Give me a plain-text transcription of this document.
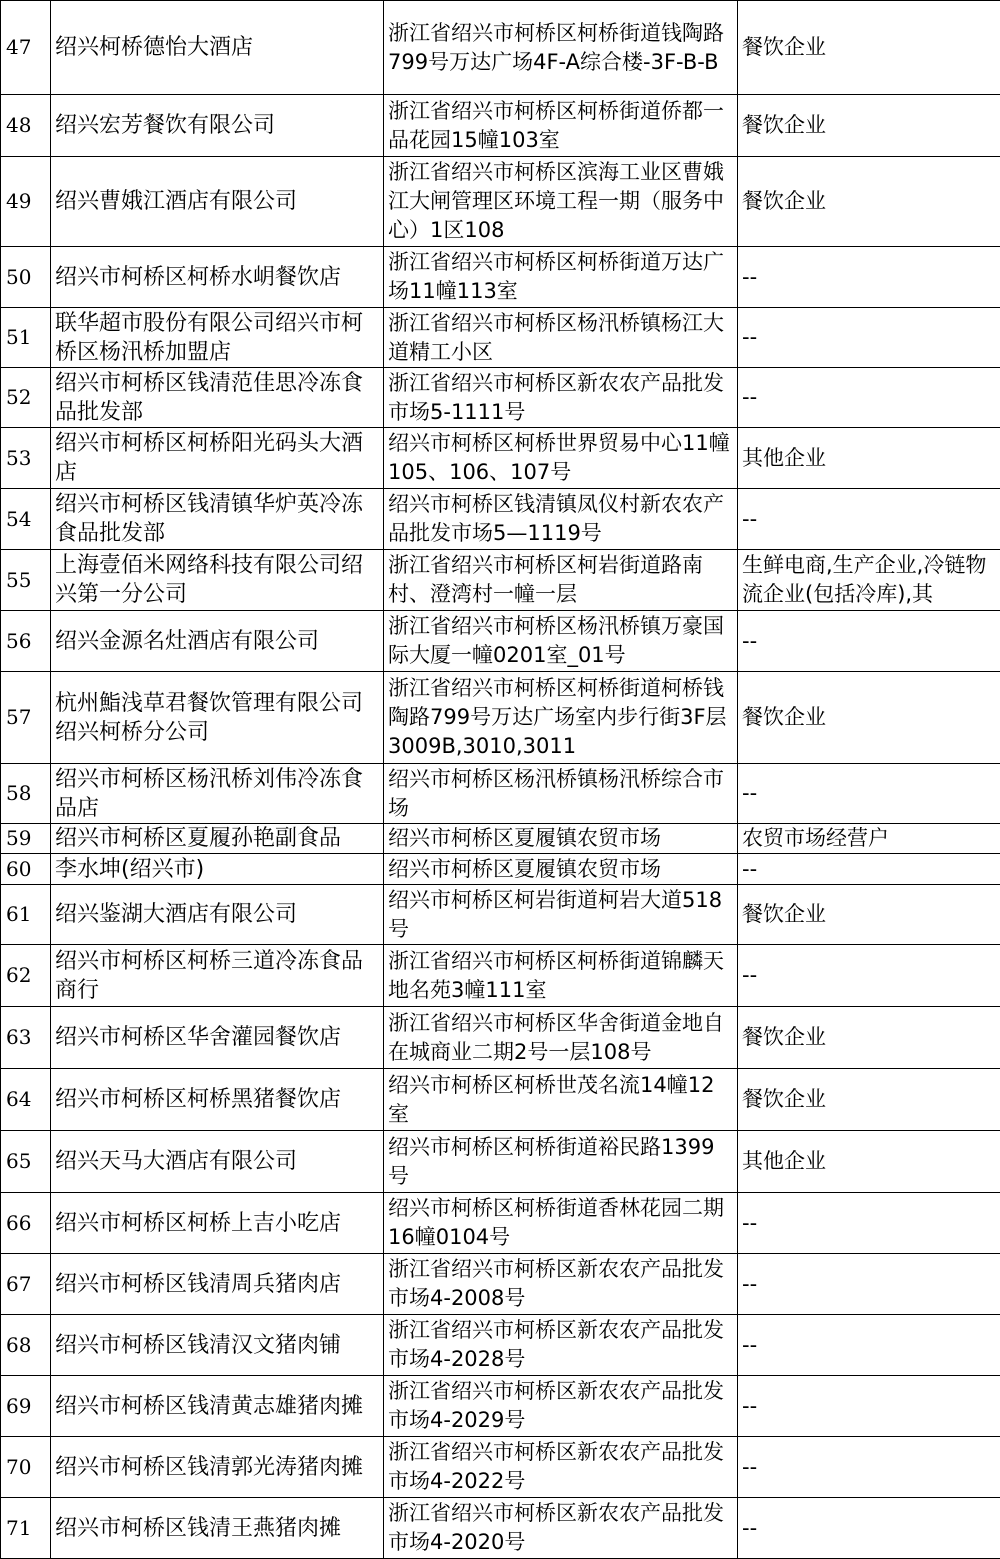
47	绍兴柯桥德怡大酒店	浙江省绍兴市柯桥区柯桥街道钱陶路799号万达广场4F-A综合楼-3F-B-B	餐饮企业
48	绍兴宏芳餐饮有限公司	浙江省绍兴市柯桥区柯桥街道侨都一品花园15幢103室	餐饮企业
49	绍兴曹娥江酒店有限公司	浙江省绍兴市柯桥区滨海工业区曹娥江大闸管理区环境工程一期（服务中心）1区108	餐饮企业
50	绍兴市柯桥区柯桥水岄餐饮店	浙江省绍兴市柯桥区柯桥街道万达广场11幢113室	--
51	联华超市股份有限公司绍兴市柯桥区杨汛桥加盟店	浙江省绍兴市柯桥区杨汛桥镇杨江大道精工小区	--
52	绍兴市柯桥区钱清范佳思冷冻食品批发部	浙江省绍兴市柯桥区新农农产品批发市场5-1111号	--
53	绍兴市柯桥区柯桥阳光码头大酒店	绍兴市柯桥区柯桥世界贸易中心11幢105、106、107号	其他企业
54	绍兴市柯桥区钱清镇华炉英冷冻食品批发部	绍兴市柯桥区钱清镇凤仪村新农农产品批发市场5—1119号	--
55	上海壹佰米网络科技有限公司绍兴第一分公司	浙江省绍兴市柯桥区柯岩街道路南村、澄湾村一幢一层	生鲜电商,生产企业,冷链物流企业(包括冷库),其
56	绍兴金源名灶酒店有限公司	浙江省绍兴市柯桥区杨汛桥镇万豪国际大厦一幢0201室_01号	--
57	杭州鮨浅草君餐饮管理有限公司绍兴柯桥分公司	浙江省绍兴市柯桥区柯桥街道柯桥钱陶路799号万达广场室内步行街3F层3009B,3010,3011	餐饮企业
58	绍兴市柯桥区杨汛桥刘伟冷冻食品店	绍兴市柯桥区杨汛桥镇杨汛桥综合市场	--
59	绍兴市柯桥区夏履孙艳副食品	绍兴市柯桥区夏履镇农贸市场	农贸市场经营户
60	李水坤(绍兴市)	绍兴市柯桥区夏履镇农贸市场	--
61	绍兴鉴湖大酒店有限公司	绍兴市柯桥区柯岩街道柯岩大道518号	餐饮企业
62	绍兴市柯桥区柯桥三道冷冻食品商行	浙江省绍兴市柯桥区柯桥街道锦麟天地名苑3幢111室	--
63	绍兴市柯桥区华舍灌园餐饮店	浙江省绍兴市柯桥区华舍街道金地自在城商业二期2号一层108号	餐饮企业
64	绍兴市柯桥区柯桥黑猪餐饮店	绍兴市柯桥区柯桥世茂名流14幢12室	餐饮企业
65	绍兴天马大酒店有限公司	绍兴市柯桥区柯桥街道裕民路1399号	其他企业
66	绍兴市柯桥区柯桥上吉小吃店	绍兴市柯桥区柯桥街道香林花园二期16幢0104号	--
67	绍兴市柯桥区钱清周兵猪肉店	浙江省绍兴市柯桥区新农农产品批发市场4-2008号	--
68	绍兴市柯桥区钱清汉文猪肉铺	浙江省绍兴市柯桥区新农农产品批发市场4-2028号	--
69	绍兴市柯桥区钱清黄志雄猪肉摊	浙江省绍兴市柯桥区新农农产品批发市场4-2029号	--
70	绍兴市柯桥区钱清郭光涛猪肉摊	浙江省绍兴市柯桥区新农农产品批发市场4-2022号	--
71	绍兴市柯桥区钱清王燕猪肉摊	浙江省绍兴市柯桥区新农农产品批发市场4-2020号	--
